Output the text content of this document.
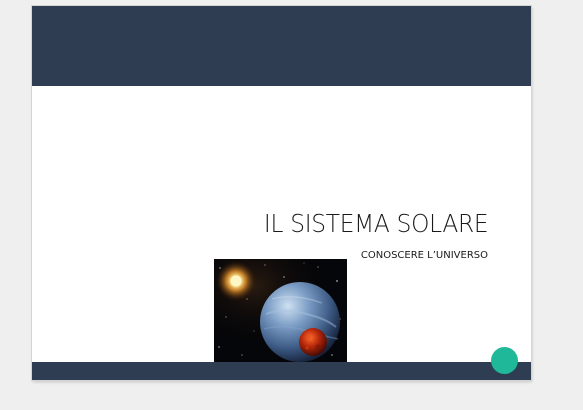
IL SISTEMA SOLARE

CONOSCERE L’UNIVERSO
